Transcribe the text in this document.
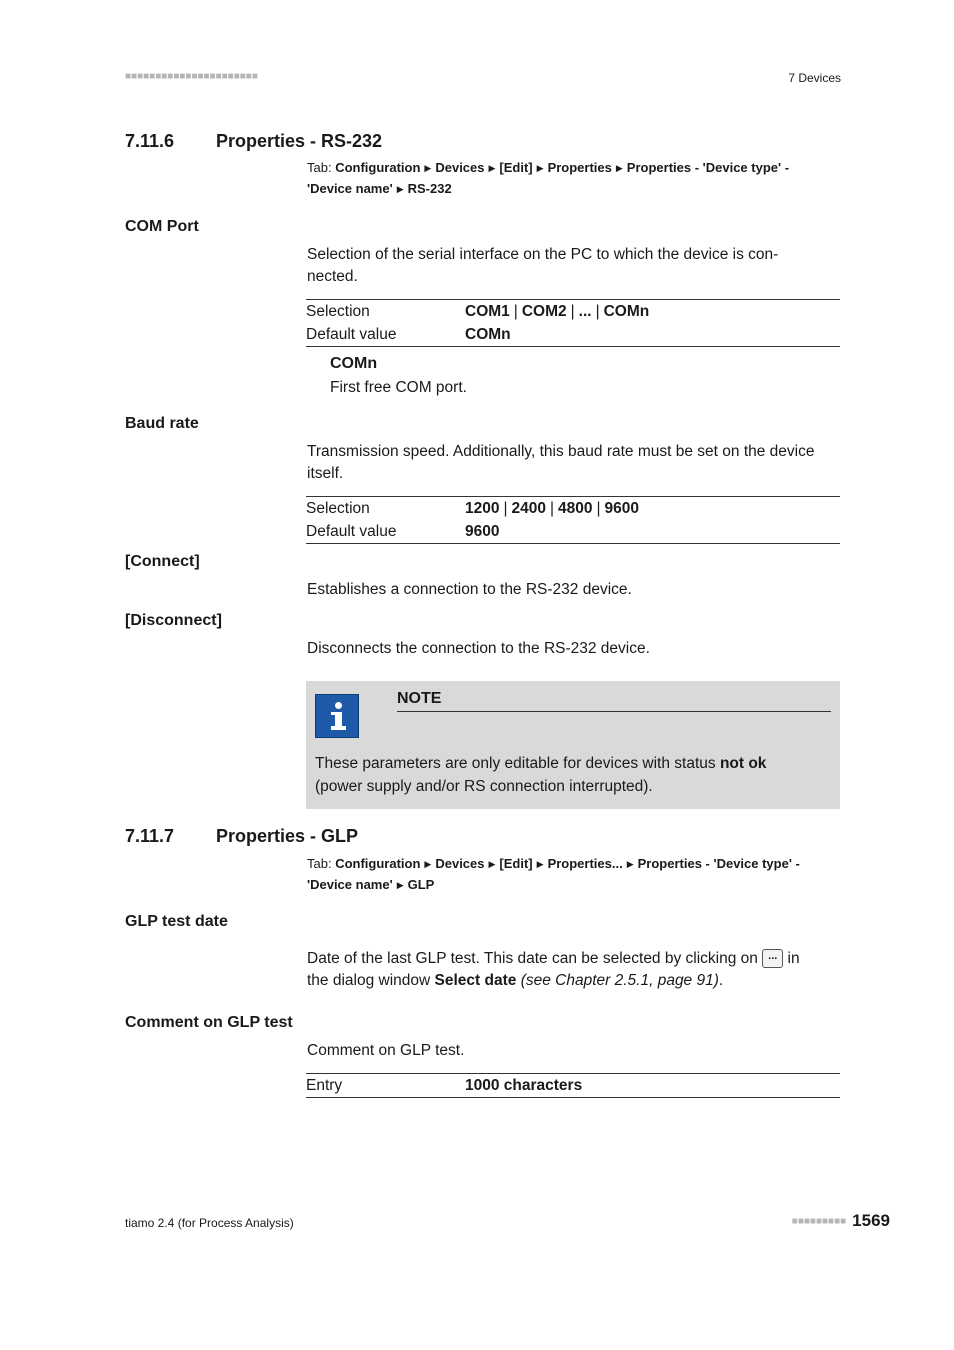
■■■■■■■■■■■■■■■■■■■■■■	7 Devices
7.11.6 Properties - RS-232
Tab: Configuration ▶ Devices ▶ [Edit] ▶ Properties ▶ Properties - 'Device type' -
'Device name' ▶ RS-232
COM Port
Selection of the serial interface on the PC to which the device is con-
nected.
Selection	COM1 | COM2 | ... | COMn
Default value	COMn
COMn
First free COM port.
Baud rate
Transmission speed. Additionally, this baud rate must be set on the device
itself.
Selection	1200 | 2400 | 4800 | 9600
Default value	9600
[Connect]
Establishes a connection to the RS-232 device.
[Disconnect]
Disconnects the connection to the RS-232 device.
NOTE
These parameters are only editable for devices with status not ok
(power supply and/or RS connection interrupted).
7.11.7 Properties - GLP
Tab: Configuration ▶ Devices ▶ [Edit] ▶ Properties... ▶ Properties - 'Device type' -
'Device name' ▶ GLP
GLP test date
Date of the last GLP test. This date can be selected by clicking on ... in
the dialog window Select date (see Chapter 2.5.1, page 91).
Comment on GLP test
Comment on GLP test.
Entry	1000 characters
tiamo 2.4 (for Process Analysis)	■■■■■■■■■ 1569
